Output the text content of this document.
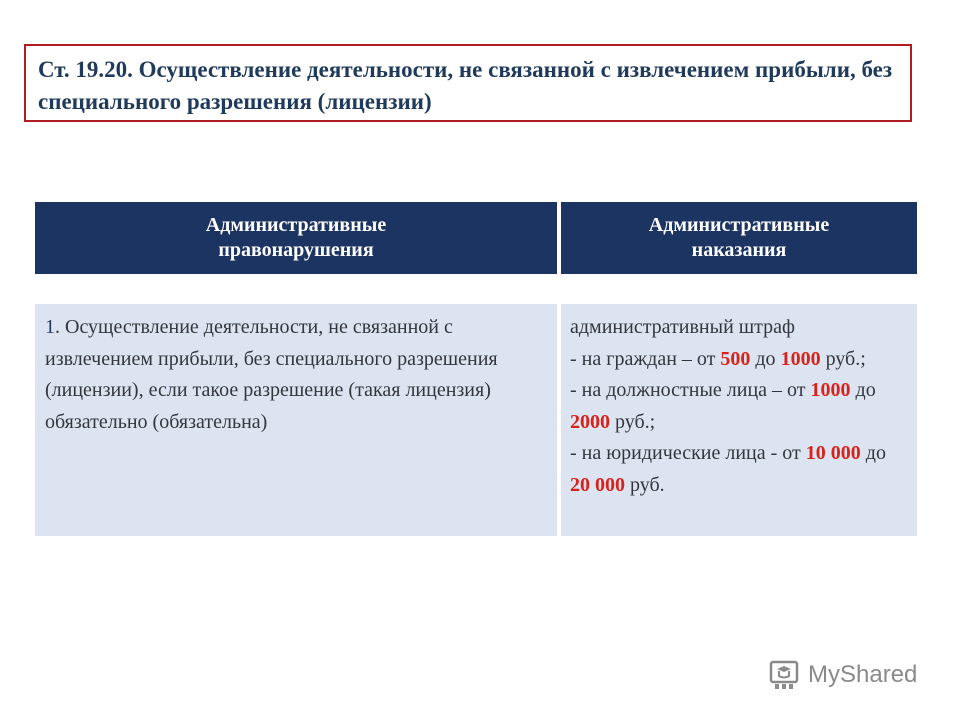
Ст. 19.20. Осуществление деятельности, не связанной с извлечением прибыли, без специального разрешения (лицензии)
Административные
правонарушения
Административные
наказания
1. Осуществление деятельности, не связанной с извлечением прибыли, без специального разрешения (лицензии), если такое разрешение (такая лицензия) обязательно (обязательна)
административный штраф
- на граждан – от 500 до 1000 руб.;
- на должностные лица – от 1000 до 2000 руб.;
- на юридические лица - от 10 000 до 20 000 руб.
MyShared
